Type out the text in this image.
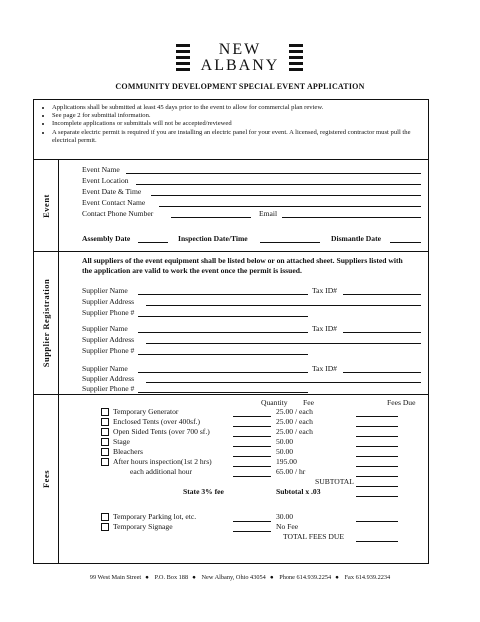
NEW
ALBANY
COMMUNITY DEVELOPMENT SPECIAL EVENT APPLICATION
• Applications shall be submitted at least 45 days prior to the event to allow for commercial plan review.
• See page 2 for submittal information.
• Incomplete applications or submittals will not be accepted/reviewed
• A separate electric permit is required if you are installing an electric panel for your event. A licensed, registered contractor must pull the electrical permit.
Event
Event Name
Event Location
Event Date & Time
Event Contact Name
Contact Phone Number	Email
Assembly Date	Inspection Date/Time	Dismantle Date
Supplier Registration
All suppliers of the event equipment shall be listed below or on attached sheet. Suppliers listed with the application are valid to work the event once the permit is issued.
Supplier Name	Tax ID#
Supplier Address
Supplier Phone #
Supplier Name	Tax ID#
Supplier Address
Supplier Phone #
Supplier Name	Tax ID#
Supplier Address
Supplier Phone #
Fees
Quantity Fee	Fees Due
Temporary Generator	25.00 / each
Enclosed Tents (over 400sf.)	25.00 / each
Open Sided Tents (over 700 sf.)	25.00 / each
Stage	50.00
Bleachers	50.00
After hours inspection(1st 2 hrs)	195.00
each additional hour	65.00 / hr
SUBTOTAL
State 3% fee	Subtotal x .03
Temporary Parking lot, etc.	30.00
Temporary Signage	No Fee
TOTAL FEES DUE
99 West Main Street ● P.O. Box 188 ● New Albany, Ohio 43054 ● Phone 614.939.2254 ● Fax 614.939.2234
